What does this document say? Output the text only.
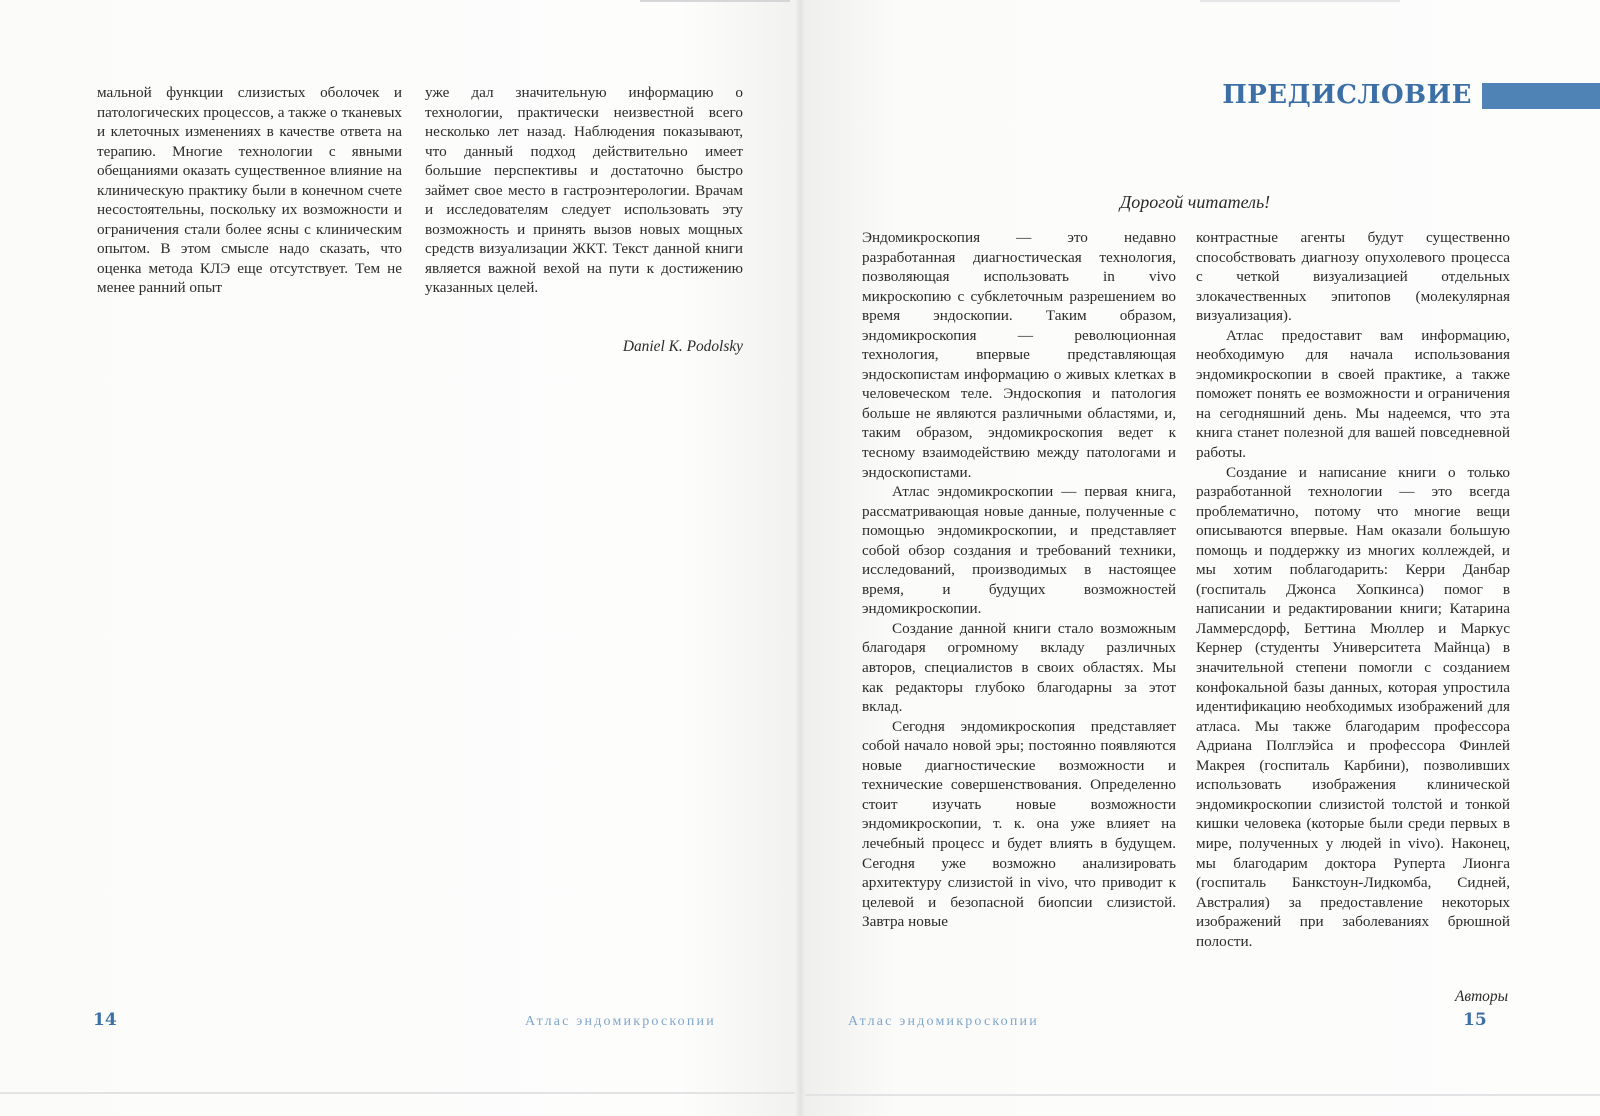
мальной функции слизистых оболочек и патологических процессов, а также о тканевых и клеточных изменениях в качестве ответа на терапию. Многие технологии с явными обещаниями оказать существенное влияние на клиническую практику были в конечном счете несостоятельны, поскольку их возможности и ограничения стали более ясны с клиническим опытом. В этом смысле надо сказать, что оценка метода КЛЭ еще отсутствует. Тем не менее ранний опыт

уже дал значительную информацию о технологии, практически неизвестной всего несколько лет назад. Наблюдения показывают, что данный подход действительно имеет большие перспективы и достаточно быстро займет свое место в гастроэнтерологии. Врачам и исследователям следует использовать эту возможность и принять вызов новых мощных средств визуализации ЖКТ. Текст данной книги является важной вехой на пути к достижению указанных целей.

Daniel K. Podolsky
14	Атлас эндомикроскопии
ПРЕДИСЛОВИЕ
Дорогой читатель!

Эндомикроскопия — это недавно разработанная диагностическая технология, позволяющая использовать in vivo микроскопию с субклеточным разрешением во время эндоскопии. Таким образом, эндомикроскопия — революционная технология, впервые представляющая эндоскопистам информацию о живых клетках в человеческом теле. Эндоскопия и патология больше не являются различными областями, и, таким образом, эндомикроскопия ведет к тесному взаимодействию между патологами и эндоскопистами.

Атлас эндомикроскопии — первая книга, рассматривающая новые данные, полученные с помощью эндомикроскопии, и представляет собой обзор создания и требований техники, исследований, производимых в настоящее время, и будущих возможностей эндомикроскопии.

Создание данной книги стало возможным благодаря огромному вкладу различных авторов, специалистов в своих областях. Мы как редакторы глубоко благодарны за этот вклад.

Сегодня эндомикроскопия представляет собой начало новой эры; постоянно появляются новые диагностические возможности и технические совершенствования. Определенно стоит изучать новые возможности эндомикроскопии, т. к. она уже влияет на лечебный процесс и будет влиять в будущем. Сегодня уже возможно анализировать архитектуру слизистой in vivo, что приводит к целевой и безопасной биопсии слизистой. Завтра новые

контрастные агенты будут существенно способствовать диагнозу опухолевого процесса с четкой визуализацией отдельных злокачественных эпитопов (молекулярная визуализация).

Атлас предоставит вам информацию, необходимую для начала использования эндомикроскопии в своей практике, а также поможет понять ее возможности и ограничения на сегодняшний день. Мы надеемся, что эта книга станет полезной для вашей повседневной работы.

Создание и написание книги о только разработанной технологии — это всегда проблематично, потому что многие вещи описываются впервые. Нам оказали большую помощь и поддержку из многих коллеждей, и мы хотим поблагодарить: Керри Данбар (госпиталь Джонса Хопкинса) помог в написании и редактировании книги; Катарина Ламмерсдорф, Беттина Мюллер и Маркус Кернер (студенты Университета Майнца) в значительной степени помогли с созданием конфокальной базы данных, которая упростила идентификацию необходимых изображений для атласа. Мы также благодарим профессора Адриана Полглэйса и профессора Финлей Макрея (госпиталь Карбини), позволивших использовать изображения клинической эндомикроскопии слизистой толстой и тонкой кишки человека (которые были среди первых в мире, полученных у людей in vivo). Наконец, мы благодарим доктора Руперта Лионга (госпиталь Банкстоун-Лидкомба, Сидней, Австралия) за предоставление некоторых изображений при заболеваниях брюшной полости.

Авторы
Атлас эндомикроскопии	15
